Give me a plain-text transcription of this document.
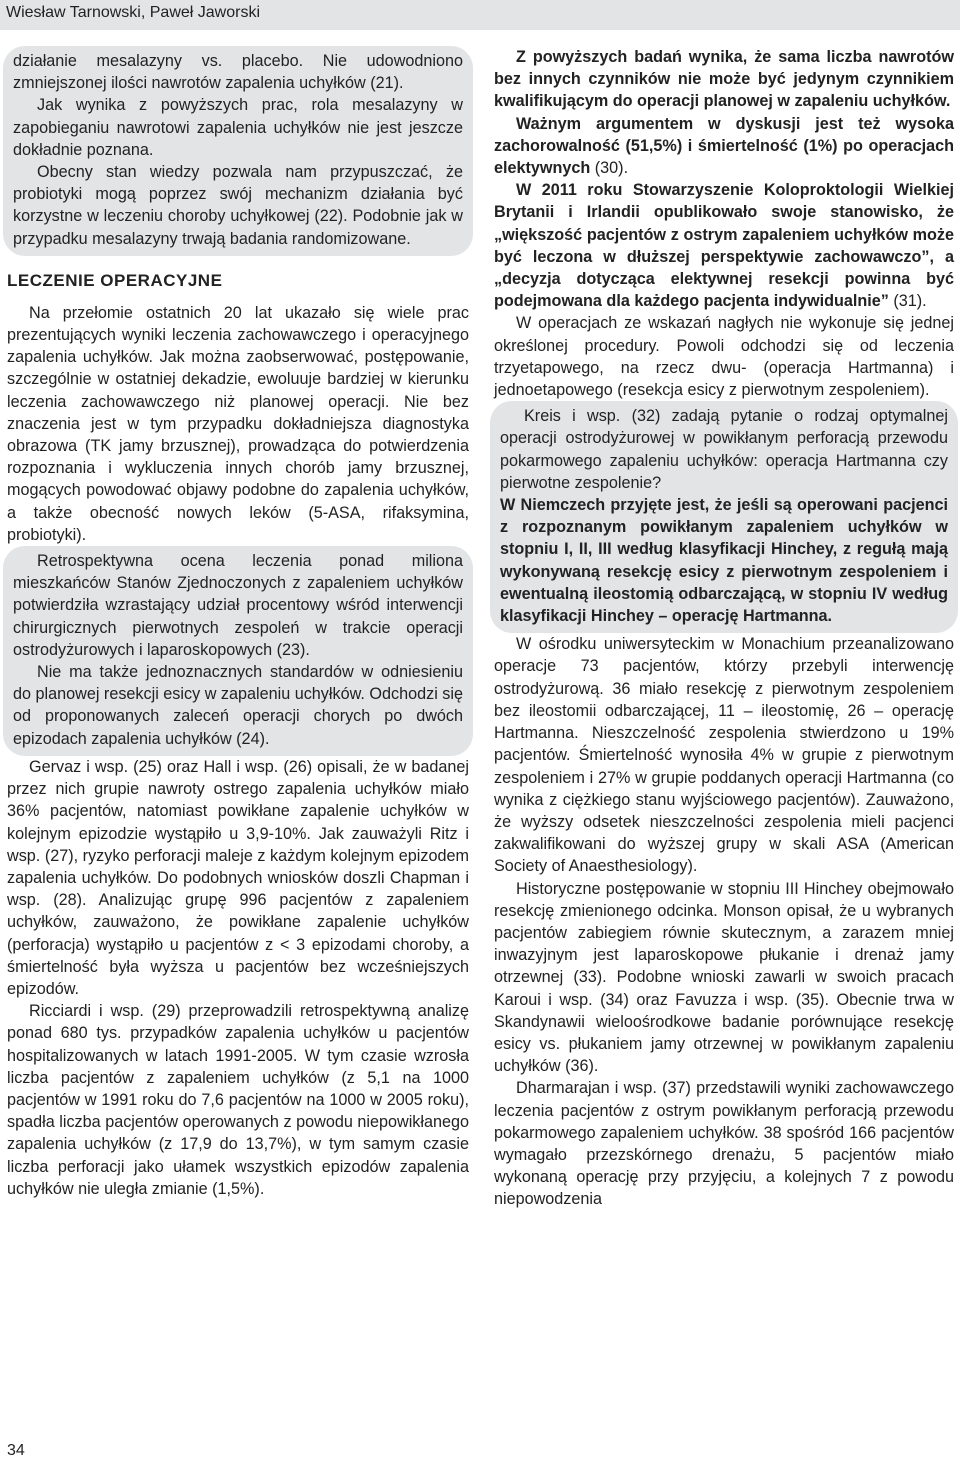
Wiesław Tarnowski, Paweł Jaworski

działanie mesalazyny vs. placebo. Nie udowodniono zmniejszonej ilości nawrotów zapalenia uchyłków (21).

Jak wynika z powyższych prac, rola mesalazyny w zapobieganiu nawrotowi zapalenia uchyłków nie jest jeszcze dokładnie poznana.

Obecny stan wiedzy pozwala nam przypuszczać, że probiotyki mogą poprzez swój mechanizm działania być korzystne w leczeniu choroby uchyłkowej (22). Podobnie jak w przypadku mesalazyny trwają badania randomizowane.

LECZENIE OPERACYJNE

Na przełomie ostatnich 20 lat ukazało się wiele prac prezentujących wyniki leczenia zachowawczego i operacyjnego zapalenia uchyłków. Jak można zaobserwować, postępowanie, szczególnie w ostatniej dekadzie, ewoluuje bardziej w kierunku leczenia zachowawczego niż planowej operacji. Nie bez znaczenia jest w tym przypadku dokładniejsza diagnostyka obrazowa (TK jamy brzusznej), prowadząca do potwierdzenia rozpoznania i wykluczenia innych chorób jamy brzusznej, mogących powodować objawy podobne do zapalenia uchyłków, a także obecność nowych leków (5-ASA, rifaksymina, probiotyki).

Retrospektywna ocena leczenia ponad miliona mieszkańców Stanów Zjednoczonych z zapaleniem uchyłków potwierdziła wzrastający udział procentowy wśród interwencji chirurgicznych pierwotnych zespoleń w trakcie operacji ostrodyżurowych i laparoskopowych (23).

Nie ma także jednoznacznych standardów w odniesieniu do planowej resekcji esicy w zapaleniu uchyłków. Odchodzi się od proponowanych zaleceń operacji chorych po dwóch epizodach zapalenia uchyłków (24).

Gervaz i wsp. (25) oraz Hall i wsp. (26) opisali, że w badanej przez nich grupie nawroty ostrego zapalenia uchyłków miało 36% pacjentów, natomiast powikłane zapalenie uchyłków w kolejnym epizodzie wystąpiło u 3,9-10%. Jak zauważyli Ritz i wsp. (27), ryzyko perforacji maleje z każdym kolejnym epizodem zapalenia uchyłków. Do podobnych wniosków doszli Chapman i wsp. (28). Analizując grupę 996 pacjentów z zapaleniem uchyłków, zauważono, że powikłane zapalenie uchyłków (perforacja) wystąpiło u pacjentów z < 3 epizodami choroby, a śmiertelność była wyższa u pacjentów bez wcześniejszych epizodów.

Ricciardi i wsp. (29) przeprowadzili retrospektywną analizę ponad 680 tys. przypadków zapalenia uchyłków u pacjentów hospitalizowanych w latach 1991-2005. W tym czasie wzrosła liczba pacjentów z zapaleniem uchyłków (z 5,1 na 1000 pacjentów w 1991 roku do 7,6 pacjentów na 1000 w 2005 roku), spadła liczba pacjentów operowanych z powodu niepowikłanego zapalenia uchyłków (z 17,9 do 13,7%), w tym samym czasie liczba perforacji jako ułamek wszystkich epizodów zapalenia uchyłków nie uległa zmianie (1,5%).

Z powyższych badań wynika, że sama liczba nawrotów bez innych czynników nie może być jedynym czynnikiem kwalifikującym do operacji planowej w zapaleniu uchyłków.

Ważnym argumentem w dyskusji jest też wysoka zachorowalność (51,5%) i śmiertelność (1%) po operacjach elektywnych (30).

W 2011 roku Stowarzyszenie Koloproktologii Wielkiej Brytanii i Irlandii opublikowało swoje stanowisko, że „większość pacjentów z ostrym zapaleniem uchyłków może być leczona w dłuższej perspektywie zachowawczo”, a „decyzja dotycząca elektywnej resekcji powinna być podejmowana dla każdego pacjenta indywidualnie” (31).

W operacjach ze wskazań nagłych nie wykonuje się jednej określonej procedury. Powoli odchodzi się od leczenia trzyetapowego, na rzecz dwu- (operacja Hartmanna) i jednoetapowego (resekcja esicy z pierwotnym zespoleniem).

Kreis i wsp. (32) zadają pytanie o rodzaj optymalnej operacji ostrodyżurowej w powikłanym perforacją przewodu pokarmowego zapaleniu uchyłków: operacja Hartmanna czy pierwotne zespolenie?

W Niemczech przyjęte jest, że jeśli są operowani pacjenci z rozpoznanym powikłanym zapaleniem uchyłków w stopniu I, II, III według klasyfikacji Hinchey, z regułą mają wykonywaną resekcję esicy z pierwotnym zespoleniem i ewentualną ileostomią odbarczającą, w stopniu IV według klasyfikacji Hinchey – operację Hartmanna.

W ośrodku uniwersyteckim w Monachium przeanalizowano operacje 73 pacjentów, którzy przebyli interwencję ostrodyżurową. 36 miało resekcję z pierwotnym zespoleniem bez ileostomii odbarczającej, 11 – ileostomię, 26 – operację Hartmanna. Nieszczelność zespolenia stwierdzono u 19% pacjentów. Śmiertelność wynosiła 4% w grupie z pierwotnym zespoleniem i 27% w grupie poddanych operacji Hartmanna (co wynika z ciężkiego stanu wyjściowego pacjentów). Zauważono, że wyższy odsetek nieszczelności zespolenia mieli pacjenci zakwalifikowani do wyższej grupy w skali ASA (American Society of Anaesthesiology).

Historyczne postępowanie w stopniu III Hinchey obejmowało resekcję zmienionego odcinka. Monson opisał, że u wybranych pacjentów zabiegiem równie skutecznym, a zarazem mniej inwazyjnym jest laparoskopowe płukanie i drenaż jamy otrzewnej (33). Podobne wnioski zawarli w swoich pracach Karoui i wsp. (34) oraz Favuzza i wsp. (35). Obecnie trwa w Skandynawii wieloośrodkowe badanie porównujące resekcję esicy vs. płukaniem jamy otrzewnej w powikłanym zapaleniu uchyłków (36).

Dharmarajan i wsp. (37) przedstawili wyniki zachowawczego leczenia pacjentów z ostrym powikłanym perforacją przewodu pokarmowego zapaleniem uchyłków. 38 spośród 166 pacjentów wymagało przezskórnego drenażu, 5 pacjentów miało wykonaną operację przy przyjęciu, a kolejnych 7 z powodu niepowodzenia

34
